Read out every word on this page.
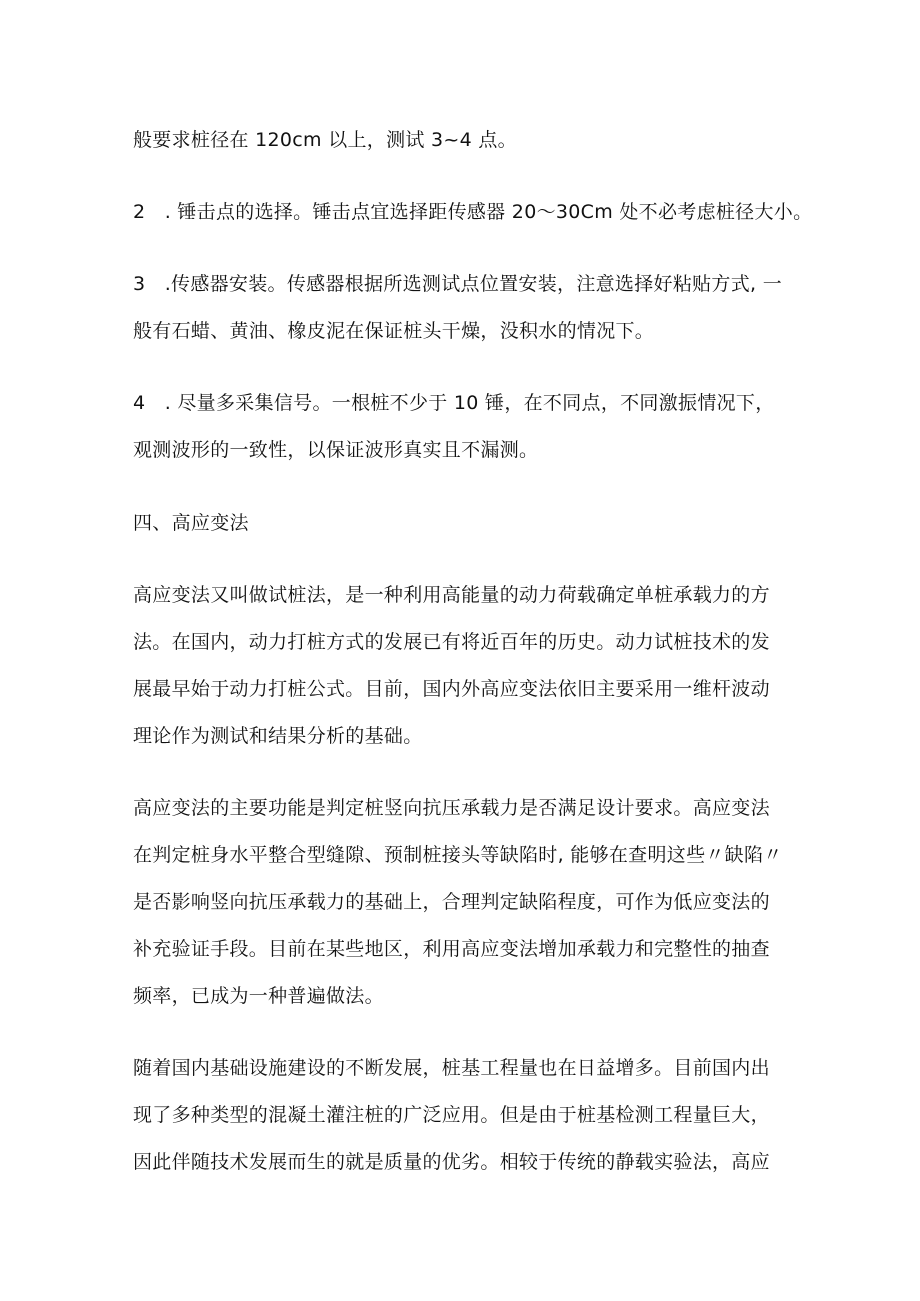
般要求桩径在 120cm 以上，测试 3~4 点。
2　. 锤击点的选择。锤击点宜选择距传感器 20～30Cm 处不必考虑桩径大小。
3　.传感器安装。传感器根据所选测试点位置安装，注意选择好粘贴方式, 一
般有石蜡、黄油、橡皮泥在保证桩头干燥，没积水的情况下。
4　. 尽量多采集信号。一根桩不少于 10 锤，在不同点，不同激振情况下，
观测波形的一致性，以保证波形真实且不漏测。
四、高应变法
高应变法又叫做试桩法，是一种利用高能量的动力荷载确定单桩承载力的方
法。在国内，动力打桩方式的发展已有将近百年的历史。动力试桩技术的发
展最早始于动力打桩公式。目前，国内外高应变法依旧主要采用一维杆波动
理论作为测试和结果分析的基础。
高应变法的主要功能是判定桩竖向抗压承载力是否满足设计要求。高应变法
在判定桩身水平整合型缝隙、预制桩接头等缺陷时, 能够在查明这些〃缺陷〃
是否影响竖向抗压承载力的基础上，合理判定缺陷程度，可作为低应变法的
补充验证手段。目前在某些地区，利用高应变法增加承载力和完整性的抽查
频率，已成为一种普遍做法。
随着国内基础设施建设的不断发展，桩基工程量也在日益增多。目前国内出
现了多种类型的混凝土灌注桩的广泛应用。但是由于桩基检测工程量巨大，
因此伴随技术发展而生的就是质量的优劣。相较于传统的静载实验法，高应
